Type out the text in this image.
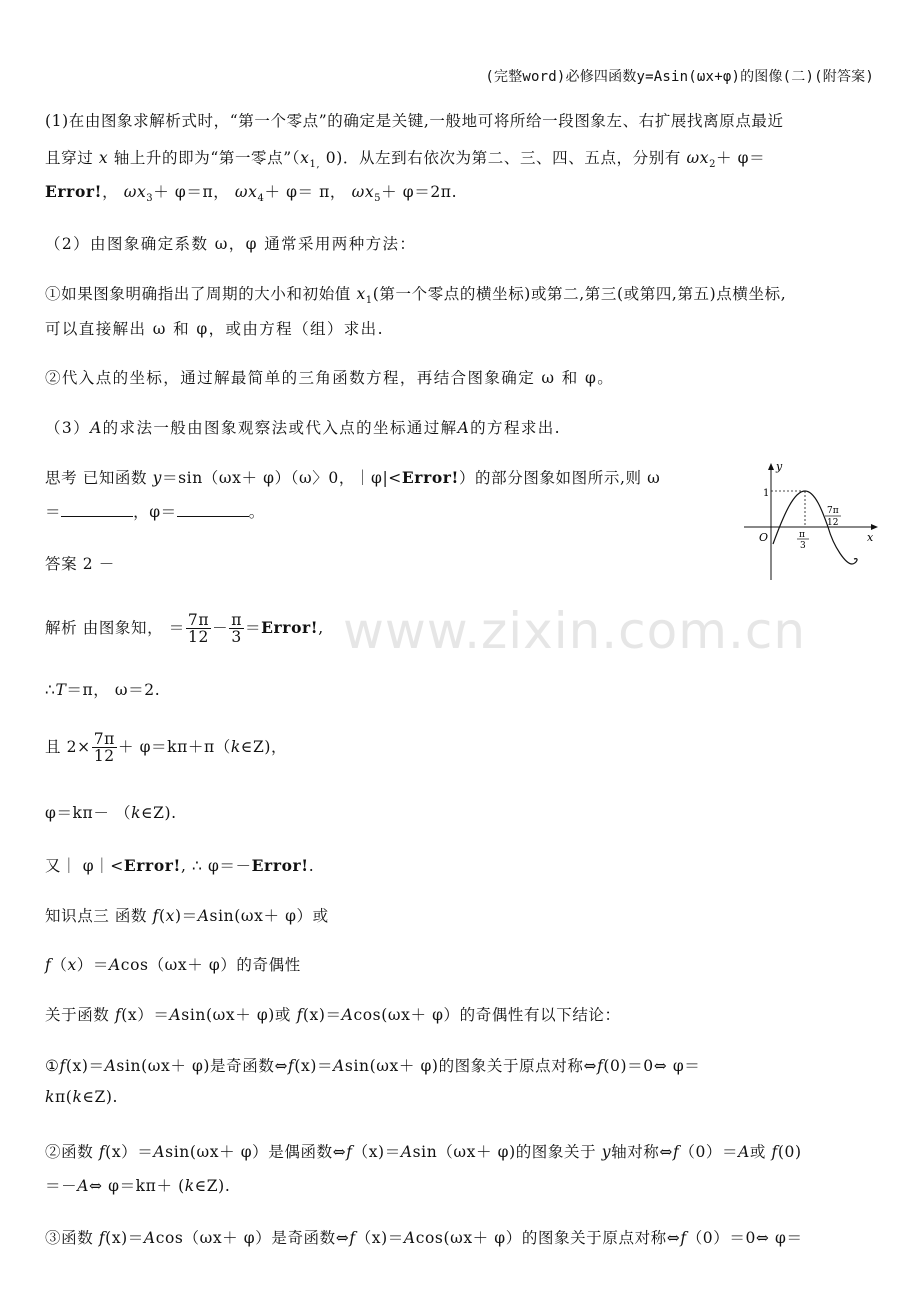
(完整word)必修四函数y=Asin(ωx+φ)的图像(二)(附答案)
www.zixin.com.cn
(1)在由图象求解析式时，“第一个零点”的确定是关键,一般地可将所给一段图象左、右扩展找离原点最近
且穿过 x 轴上升的即为“第一零点$”(x_{1,}$ 0)．从左到右依次为第二、三、四、五点，分别有 $\omega x_2+ \varphi=$
Error!， $\omega x_3+ \varphi=\pi$， $\omega x_4+ \varphi= \pi$， $\omega x_5+ \varphi=2\pi$.
（2）由图象确定系数 ω，φ 通常采用两种方法：
①如果图象明确指出了周期的大小和初始值 $x_1$(第一个零点的横坐标)或第二,第三(或第四,第五)点横坐标,
可以直接解出 ω 和 φ，或由方程（组）求出.
②代入点的坐标，通过解最简单的三角函数方程，再结合图象确定 ω 和 φ。
（3）A的求法一般由图象观察法或代入点的坐标通过解A的方程求出.
思考 已知函数 y＝sin（ωx＋ φ）（ω〉0，｜φ|<Error!）的部分图象如图所示,则 ω
＝	，φ＝	。
y
x
O
1
7π
12
π
3
答案 2 －
解析 由图象知， ＝ $\frac{7\pi}{12} - \frac{\pi}{3}$ ＝Error!,
∴T＝π， ω＝2.
且 $2\times \frac{7\pi}{12}$ ＋ φ＝kπ＋π（k∈Z)，
φ＝kπ－ （k∈Z).
又｜ φ｜<Error!, ∴ φ＝－Error!.
知识点三 函数 f(x)＝Asin(ωx＋ φ）或
f（x）＝Acos（ωx＋ φ）的奇偶性
关于函数 f(x）＝Asin(ωx＋ φ)或 f(x)＝Acos(ωx＋ φ）的奇偶性有以下结论：
①f(x)＝Asin(ωx＋ φ)是奇函数⇔f(x)＝Asin(ωx＋ φ)的图象关于原点对称⇔f(0)＝0⇔ φ＝
kπ(k∈Z).
②函数 f(x）＝Asin(ωx＋ φ）是偶函数⇔f（x)＝Asin（ωx＋ φ)的图象关于 y轴对称⇔f（0）＝A或 f(0)
＝－A⇔ φ＝kπ＋ (k∈Z).
③函数 f(x)＝Acos（ωx＋ φ）是奇函数⇔f（x)＝Acos(ωx＋ φ）的图象关于原点对称⇔f（0）＝0⇔ φ＝
